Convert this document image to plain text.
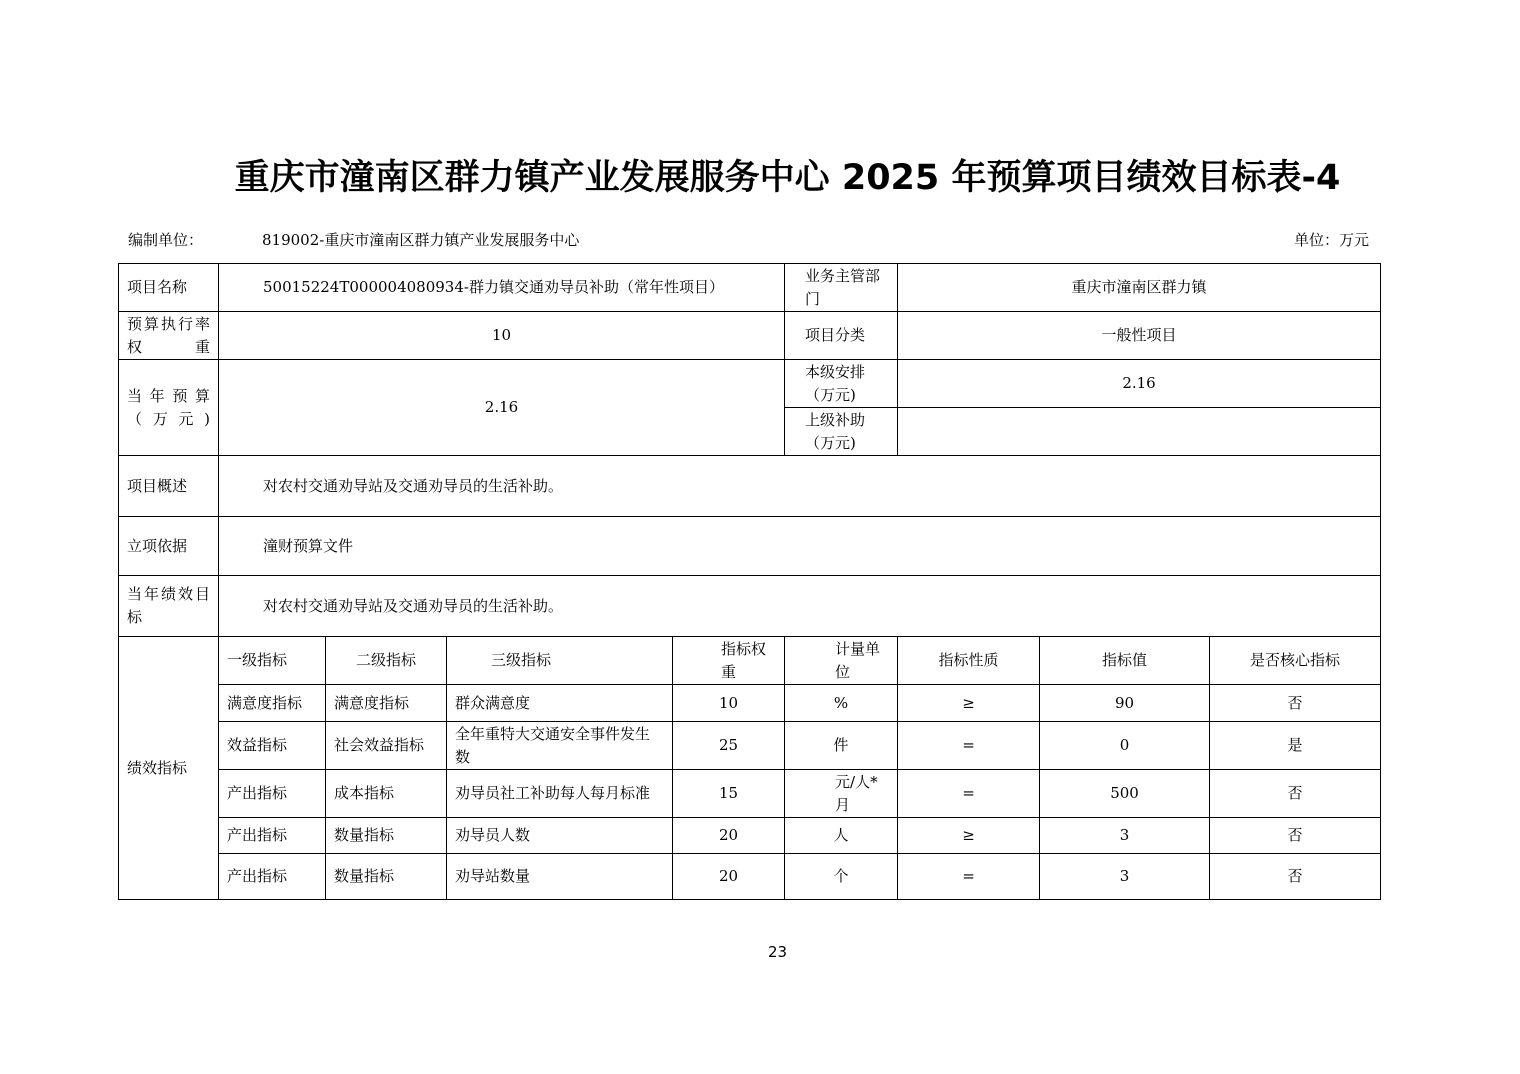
重庆市潼南区群力镇产业发展服务中心 2025 年预算项目绩效目标表-4
编制单位：	819002-重庆市潼南区群力镇产业发展服务中心	单位：万元
项目名称	50015224T000004080934-群力镇交通劝导员补助（常年性项目）				业务主管部门	重庆市潼南区群力镇		
预算执行率权重	10				项目分类	一般性项目		
当年预算（万元)	2.16				本级安排（万元)	2.16		
					上级补助（万元)			
项目概述	对农村交通劝导站及交通劝导员的生活补助。							
立项依据	潼财预算文件							
当年绩效目标	对农村交通劝导站及交通劝导员的生活补助。							
绩效指标	一级指标	二级指标	三级指标	指标权重	计量单位	指标性质	指标值	是否核心指标
	满意度指标	满意度指标	群众满意度	10	%	≥	90	否
	效益指标	社会效益指标	全年重特大交通安全事件发生数	25	件	=	0	是
	产出指标	成本指标	劝导员社工补助每人每月标准	15	元/人*月	=	500	否
	产出指标	数量指标	劝导员人数	20	人	≥	3	否
	产出指标	数量指标	劝导站数量	20	个	=	3	否
23
